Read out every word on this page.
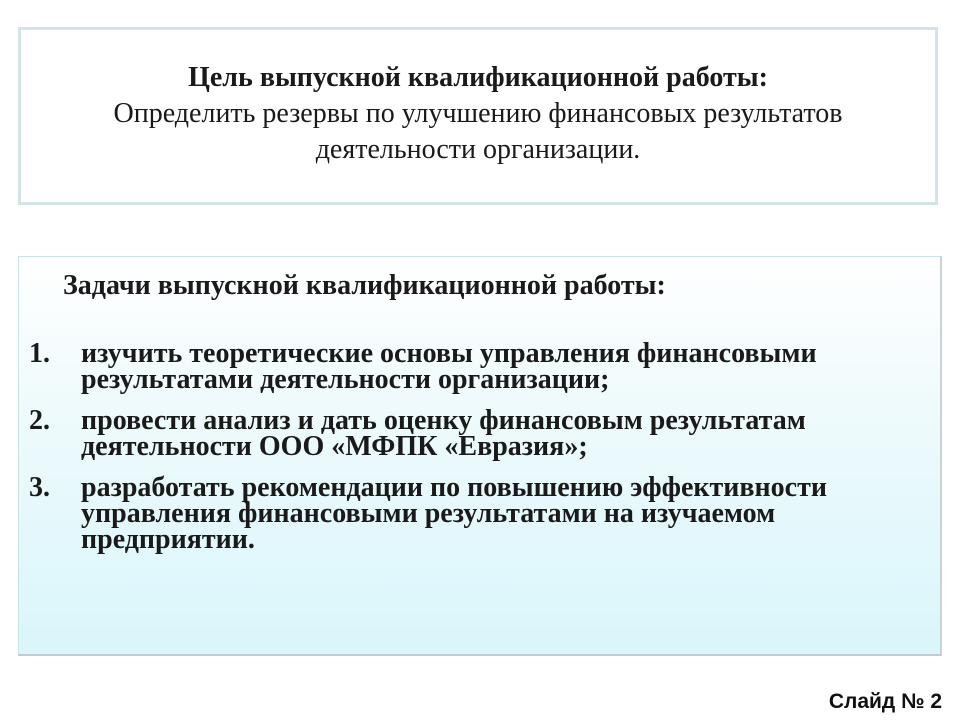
Цель выпускной квалификационной работы:
Определить резервы по улучшению финансовых результатов деятельности организации.
Задачи выпускной квалификационной работы:
1. изучить теоретические основы управления финансовыми результатами деятельности организации;
2. провести анализ и дать оценку финансовым результатам деятельности ООО «МФПК «Евразия»;
3. разработать рекомендации по повышению эффективности управления финансовыми результатами на изучаемом предприятии.
Слайд № 2
